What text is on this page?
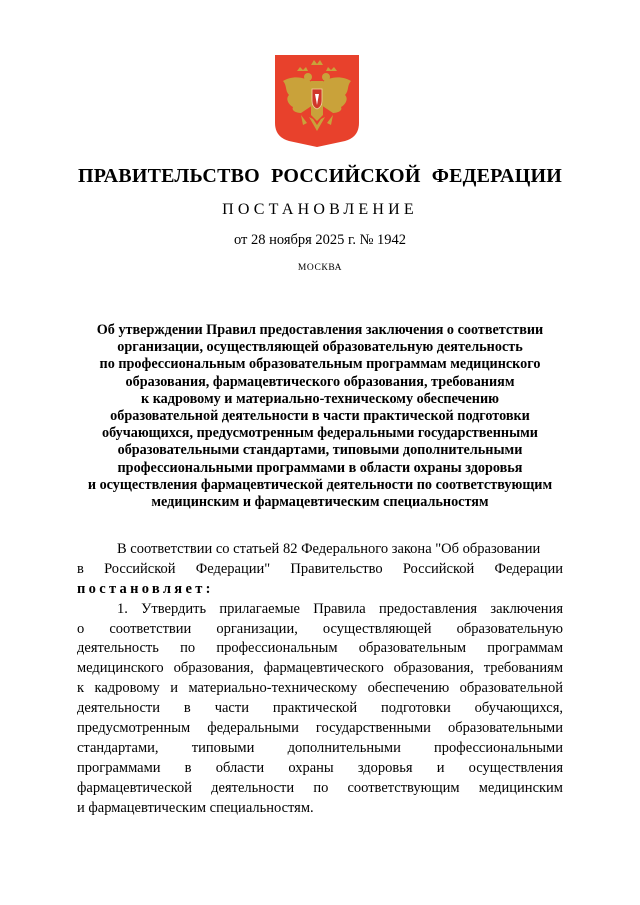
ПРАВИТЕЛЬСТВО РОССИЙСКОЙ ФЕДЕРАЦИИ
ПОСТАНОВЛЕНИЕ
от 28 ноября 2025 г. № 1942
МОСКВА
Об утверждении Правил предоставления заключения о соответствии
организации, осуществляющей образовательную деятельность
по профессиональным образовательным программам медицинского
образования, фармацевтического образования, требованиям
к кадровому и материально-техническому обеспечению
образовательной деятельности в части практической подготовки
обучающихся, предусмотренным федеральными государственными
образовательными стандартами, типовыми дополнительными
профессиональными программами в области охраны здоровья
и осуществления фармацевтической деятельности по соответствующим
медицинским и фармацевтическим специальностям
В соответствии со статьей 82 Федерального закона "Об образовании
в Российской Федерации" Правительство Российской Федерации
постановляет:
1. Утвердить прилагаемые Правила предоставления заключения
о соответствии организации, осуществляющей образовательную
деятельность по профессиональным образовательным программам
медицинского образования, фармацевтического образования, требованиям
к кадровому и материально-техническому обеспечению образовательной
деятельности в части практической подготовки обучающихся,
предусмотренным федеральными государственными образовательными
стандартами, типовыми дополнительными профессиональными
программами в области охраны здоровья и осуществления
фармацевтической деятельности по соответствующим медицинским
и фармацевтическим специальностям.
